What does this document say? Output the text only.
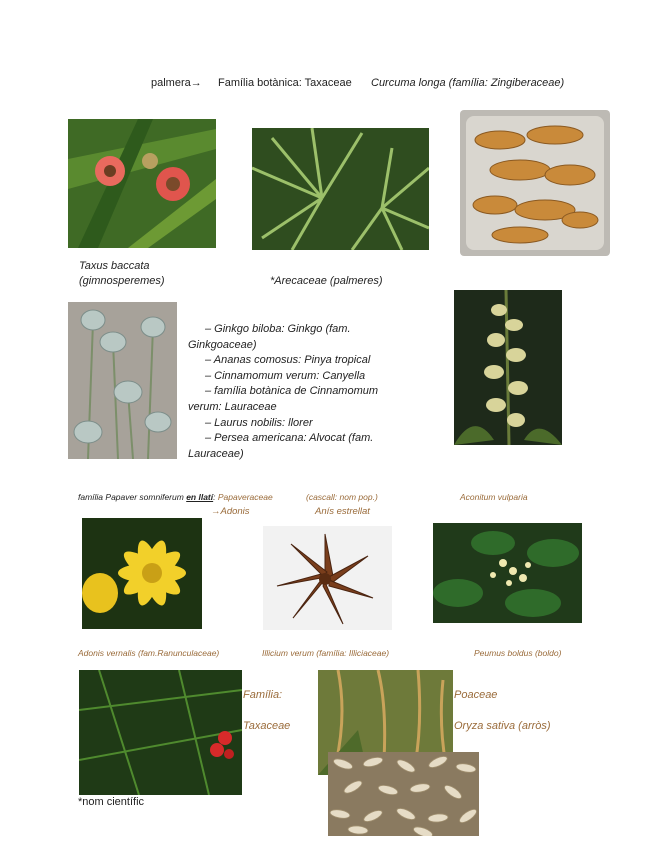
palmera→ Família botànica: Taxaceae Curcuma longa (família: Zingiberaceae)
Taxus baccata
(gimnosperemes)	*Arecaceae (palmeres)
– Ginkgo biloba: Ginkgo (fam.
Ginkgoaceae)
– Ananas comosus: Pinya tropical
– Cinnamomum verum: Canyella
– família botànica de Cinnamomum
verum: Lauraceae
– Laurus nobilis: llorer
– Persea americana: Alvocat (fam.
Lauraceae)
família Papaver somniferum en llatí: Papaveraceae	(cascall: nom pop.)	Aconitum vulparia
→Adonis	Anís estrellat
Adonis vernalis (fam.Ranunculaceae)	Illicium verum (família: Illiciaceae)	Peumus boldus (boldo)
Família:
Taxaceae
Poaceae
Oryza sativa (arròs)
*nom científic
